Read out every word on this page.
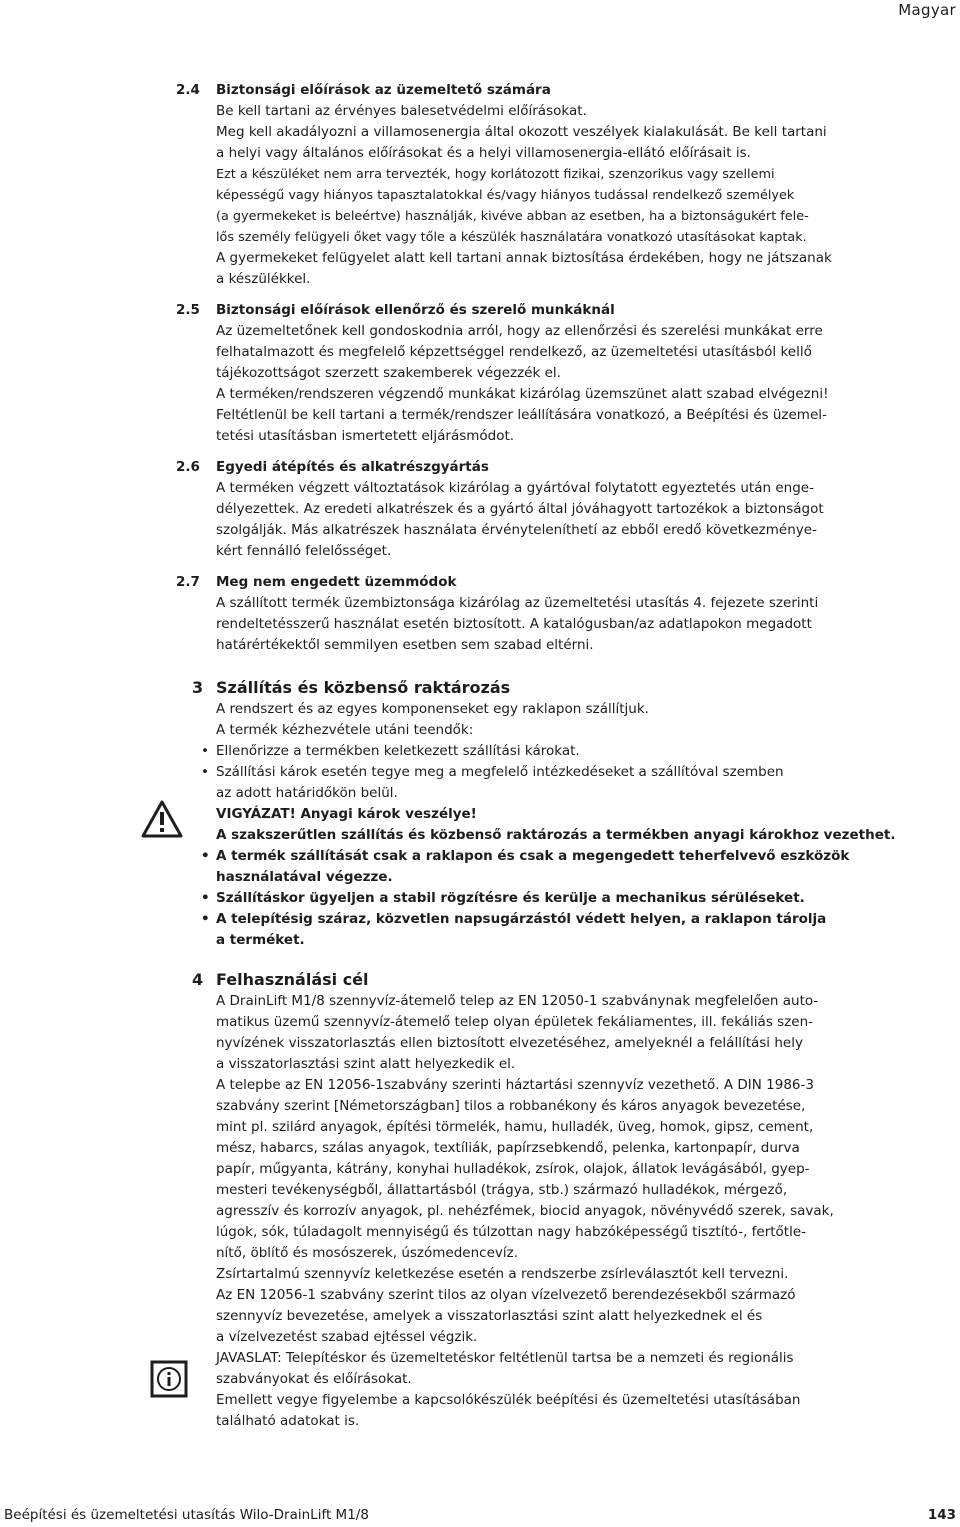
Magyar
2.4 Biztonsági előírások az üzemeltető számára

Be kell tartani az érvényes balesetvédelmi előírásokat.

Meg kell akadályozni a villamosenergia által okozott veszélyek kialakulását. Be kell tartani

a helyi vagy általános előírásokat és a helyi villamosenergia-ellátó előírásait is.

Ezt a készüléket nem arra tervezték, hogy korlátozott fizikai, szenzorikus vagy szellemi

képességű vagy hiányos tapasztalatokkal és/vagy hiányos tudással rendelkező személyek

(a gyermekeket is beleértve) használják, kivéve abban az esetben, ha a biztonságukért fele-

lős személy felügyeli őket vagy tőle a készülék használatára vonatkozó utasításokat kaptak.

A gyermekeket felügyelet alatt kell tartani annak biztosítása érdekében, hogy ne játszanak

a készülékkel.

2.5 Biztonsági előírások ellenőrző és szerelő munkáknál

Az üzemeltetőnek kell gondoskodnia arról, hogy az ellenőrzési és szerelési munkákat erre

felhatalmazott és megfelelő képzettséggel rendelkező, az üzemeltetési utasításból kellő

tájékozottságot szerzett szakemberek végezzék el.

A terméken/rendszeren végzendő munkákat kizárólag üzemszünet alatt szabad elvégezni!

Feltétlenül be kell tartani a termék/rendszer leállítására vonatkozó, a Beépítési és üzemel-

tetési utasításban ismertetett eljárásmódot.

2.6 Egyedi átépítés és alkatrészgyártás

A terméken végzett változtatások kizárólag a gyártóval folytatott egyeztetés után enge-

délyezettek. Az eredeti alkatrészek és a gyártó által jóváhagyott tartozékok a biztonságot

szolgálják. Más alkatrészek használata érvényteleníthetí az ebből eredő következménye-

kért fennálló felelősséget.

2.7 Meg nem engedett üzemmódok

A szállított termék üzembiztonsága kizárólag az üzemeltetési utasítás 4. fejezete szerinti

rendeltetésszerű használat esetén biztosított. A katalógusban/az adatlapokon megadott

határértékektől semmilyen esetben sem szabad eltérni.

3 Szállítás és közbenső raktározás

A rendszert és az egyes komponenseket egy raklapon szállítjuk.

A termék kézhezvétele utáni teendők:

• Ellenőrizze a termékben keletkezett szállítási károkat.
• Szállítási károk esetén tegye meg a megfelelő intézkedéseket a szállítóval szemben
az adott határidőkön belül.

VIGYÁZAT! Anyagi károk veszélye!

A szakszerűtlen szállítás és közbenső raktározás a termékben anyagi károkhoz vezethet.

• A termék szállítását csak a raklapon és csak a megengedett teherfelvevő eszközök
használatával végezze.
• Szállításkor ügyeljen a stabil rögzítésre és kerülje a mechanikus sérüléseket.
• A telepítésig száraz, közvetlen napsugárzástól védett helyen, a raklapon tárolja
a terméket.
4 Felhasználási cél

A DrainLift M1/8 szennyvíz-átemelő telep az EN 12050-1 szabványnak megfelelően auto-

matikus üzemű szennyvíz-átemelő telep olyan épületek fekáliamentes, ill. fekáliás szen-

nyvízének visszatorlasztás ellen biztosított elvezetéséhez, amelyeknél a felállítási hely

a visszatorlasztási szint alatt helyezkedik el.

A telepbe az EN 12056-1szabvány szerinti háztartási szennyvíz vezethető. A DIN 1986-3

szabvány szerint [Németországban] tilos a robbanékony és káros anyagok bevezetése,

mint pl. szilárd anyagok, építési törmelék, hamu, hulladék, üveg, homok, gipsz, cement,

mész, habarcs, szálas anyagok, textíliák, papírzsebkendő, pelenka, kartonpapír, durva

papír, műgyanta, kátrány, konyhai hulladékok, zsírok, olajok, állatok levágásából, gyep-

mesteri tevékenységből, állattartásból (trágya, stb.) származó hulladékok, mérgező,

agresszív és korrozív anyagok, pl. nehézfémek, biocid anyagok, növényvédő szerek, savak,

lúgok, sók, túladagolt mennyiségű és túlzottan nagy habzóképességű tisztító-, fertőtle-

nítő, öblítő és mosószerek, úszómedencevíz.

Zsírtartalmú szennyvíz keletkezése esetén a rendszerbe zsírleválasztót kell tervezni.

Az EN 12056-1 szabvány szerint tilos az olyan vízelvezető berendezésekből származó

szennyvíz bevezetése, amelyek a visszatorlasztási szint alatt helyezkednek el és

a vízelvezetést szabad ejtéssel végzik.

JAVASLAT: Telepítéskor és üzemeltetéskor feltétlenül tartsa be a nemzeti és regionális

szabványokat és előírásokat.

Emellett vegye figyelembe a kapcsolókészülék beépítési és üzemeltetési utasításában

található adatokat is.

Beépítési és üzemeltetési utasítás Wilo-DrainLift M1/8	143
